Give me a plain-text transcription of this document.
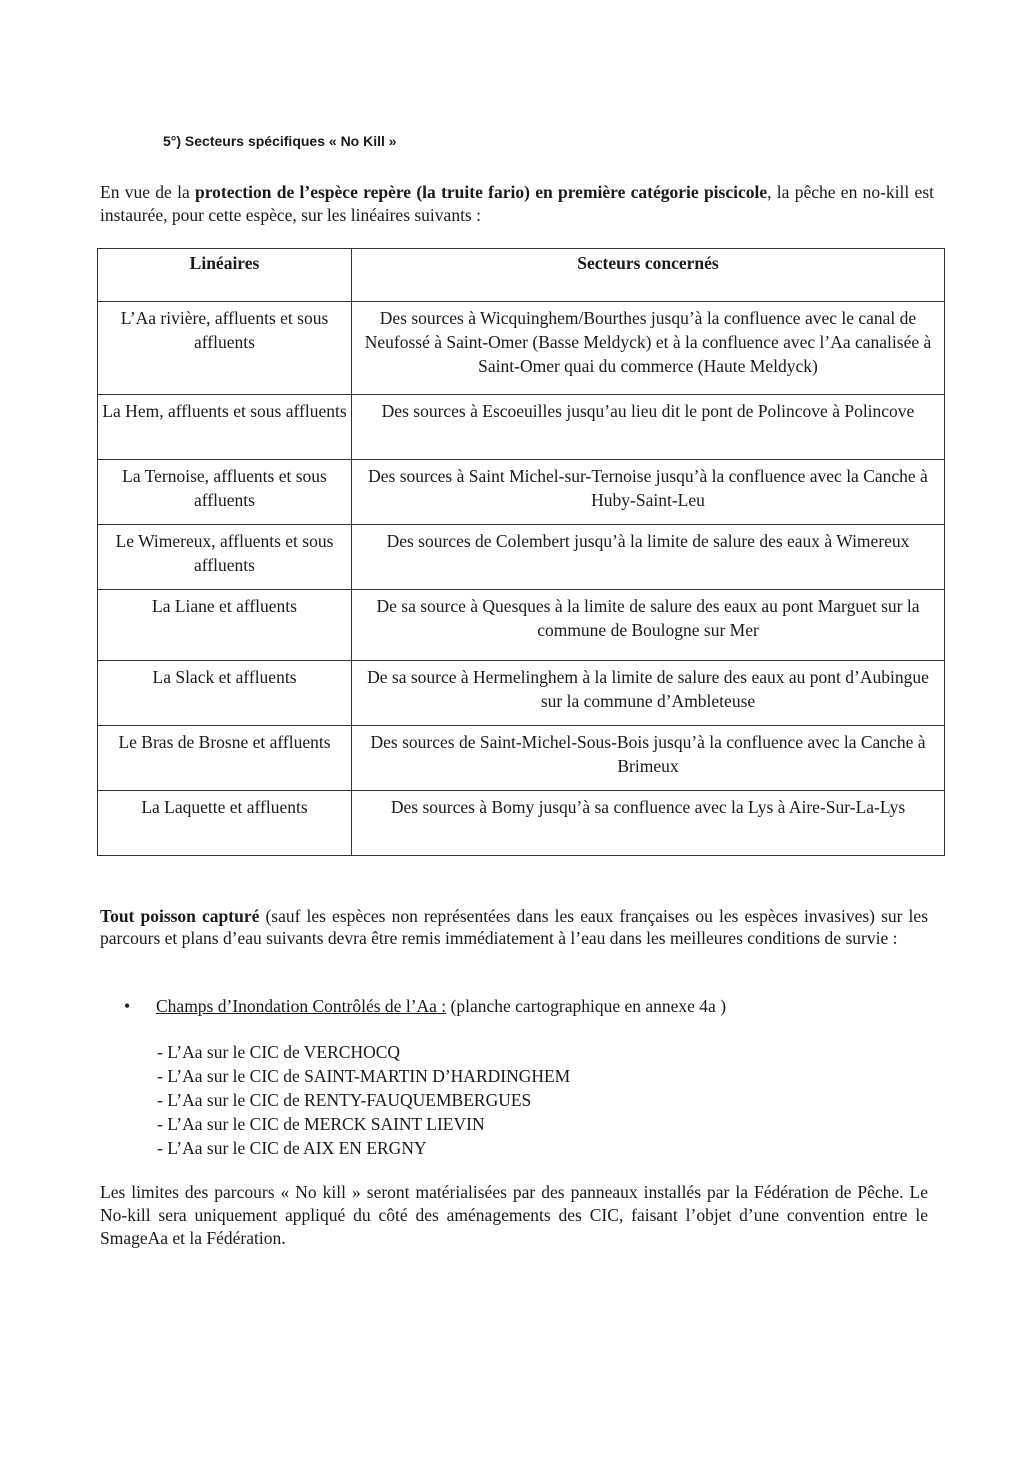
5°) Secteurs spécifiques « No Kill »

En vue de la protection de l’espèce repère (la truite fario) en première catégorie piscicole, la pêche en no-kill est instaurée, pour cette espèce, sur les linéaires suivants :

Linéaires	Secteurs concernés
L’Aa rivière, affluents et sous affluents	Des sources à Wicquinghem/Bourthes jusqu’à la confluence avec le canal de Neufossé à Saint-Omer (Basse Meldyck) et à la confluence avec l’Aa canalisée à Saint-Omer quai du commerce (Haute Meldyck)
La Hem, affluents et sous affluents	Des sources à Escoeuilles jusqu’au lieu dit le pont de Polincove à Polincove
La Ternoise, affluents et sous affluents	Des sources à Saint Michel-sur-Ternoise jusqu’à la confluence avec la Canche à Huby-Saint-Leu
Le Wimereux, affluents et sous affluents	Des sources de Colembert jusqu’à la limite de salure des eaux à Wimereux
La Liane et affluents	De sa source à Quesques à la limite de salure des eaux au pont Marguet sur la commune de Boulogne sur Mer
La Slack et affluents	De sa source à Hermelinghem à la limite de salure des eaux au pont d’Aubingue sur la commune d’Ambleteuse
Le Bras de Brosne et affluents	Des sources de Saint-Michel-Sous-Bois jusqu’à la confluence avec la Canche à Brimeux
La Laquette et affluents	Des sources à Bomy jusqu’à sa confluence avec la Lys à Aire-Sur-La-Lys

Tout poisson capturé (sauf les espèces non représentées dans les eaux françaises ou les espèces invasives) sur les parcours et plans d’eau suivants devra être remis immédiatement à l’eau dans les meilleures conditions de survie :

• Champs d’Inondation Contrôlés de l’Aa : (planche cartographique en annexe 4a )
- L’Aa sur le CIC de VERCHOCQ
- L’Aa sur le CIC de SAINT-MARTIN D’HARDINGHEM
- L’Aa sur le CIC de RENTY-FAUQUEMBERGUES
- L’Aa sur le CIC de MERCK SAINT LIEVIN
- L’Aa sur le CIC de AIX EN ERGNY

Les limites des parcours « No kill » seront matérialisées par des panneaux installés par la Fédération de Pêche. Le No-kill sera uniquement appliqué du côté des aménagements des CIC, faisant l’objet d’une convention entre le SmageAa et la Fédération.
